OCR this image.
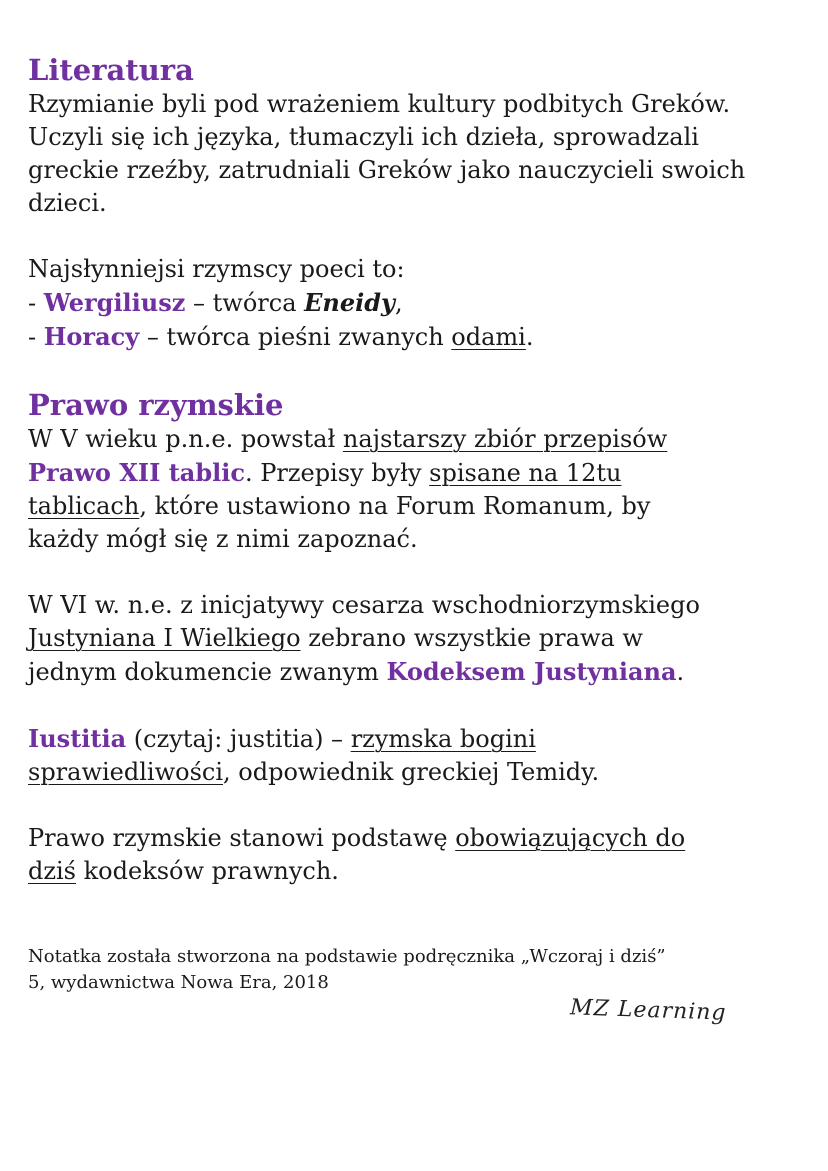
Literatura

Rzymianie byli pod wrażeniem kultury podbitych Greków. Uczyli się ich języka, tłumaczyli ich dzieła, sprowadzali greckie rzeźby, zatrudniali Greków jako nauczycieli swoich dzieci.

Najsłynniejsi rzymscy poeci to:

- Wergiliusz – twórca Eneidy,

- Horacy – twórca pieśni zwanych odami.

Prawo rzymskie

W V wieku p.n.e. powstał najstarszy zbiór przepisów
Prawo XII tablic. Przepisy były spisane na 12tu
tablicach, które ustawiono na Forum Romanum, by
każdy mógł się z nimi zapoznać.

W VI w. n.e. z inicjatywy cesarza wschodniorzymskiego
Justyniana I Wielkiego zebrano wszystkie prawa w
jednym dokumencie zwanym Kodeksem Justyniana.

Iustitia (czytaj: justitia) – rzymska bogini
sprawiedliwości, odpowiednik greckiej Temidy.

Prawo rzymskie stanowi podstawę obowiązujących do
dziś kodeksów prawnych.

Notatka została stworzona na podstawie podręcznika „Wczoraj i dziś”

5, wydawnictwa Nowa Era, 2018

MZ Learning
